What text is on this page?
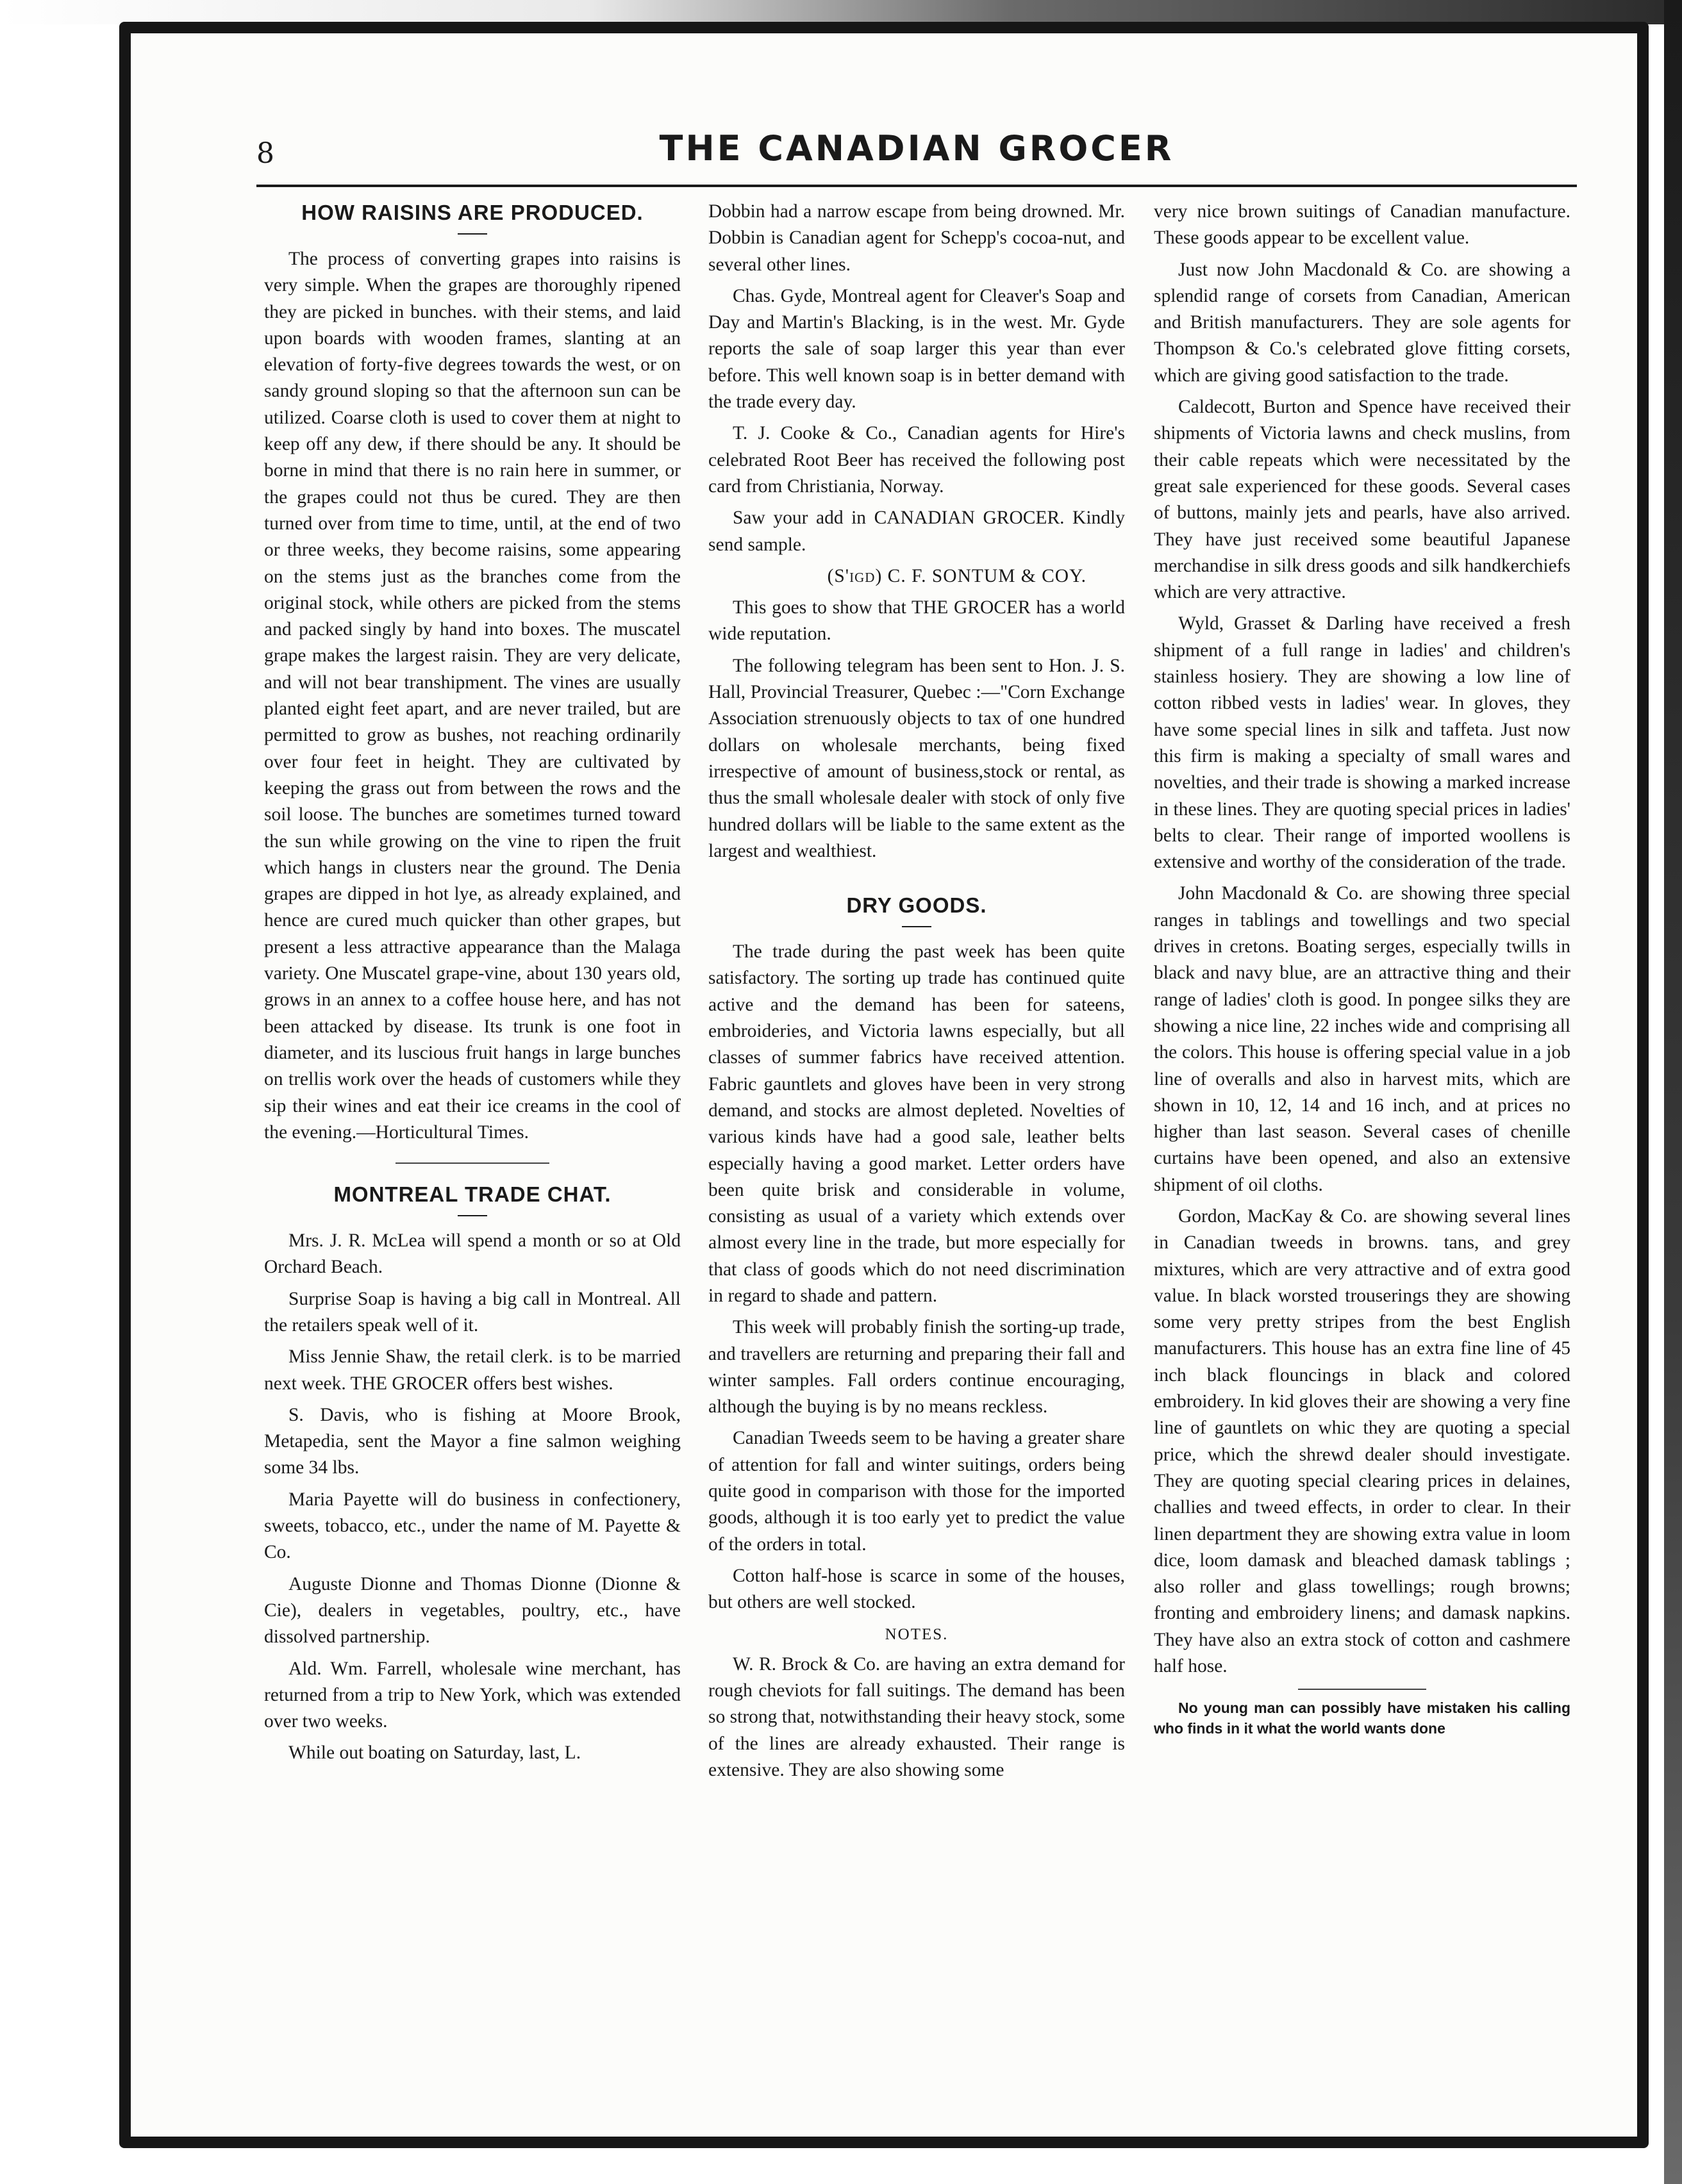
8	THE CANADIAN GROCER
HOW RAISINS ARE PRODUCED.

The process of converting grapes into raisins is very simple. When the grapes are thoroughly ripened they are picked in bunches. with their stems, and laid upon boards with wooden frames, slanting at an elevation of forty-five degrees towards the west, or on sandy ground sloping so that the afternoon sun can be utilized. Coarse cloth is used to cover them at night to keep off any dew, if there should be any. It should be borne in mind that there is no rain here in summer, or the grapes could not thus be cured. They are then turned over from time to time, until, at the end of two or three weeks, they become raisins, some appearing on the stems just as the branches come from the original stock, while others are picked from the stems and packed singly by hand into boxes. The muscatel grape makes the largest raisin. They are very delicate, and will not bear transhipment. The vines are usually planted eight feet apart, and are never trailed, but are permitted to grow as bushes, not reaching ordinarily over four feet in height. They are cultivated by keeping the grass out from between the rows and the soil loose. The bunches are sometimes turned toward the sun while growing on the vine to ripen the fruit which hangs in clusters near the ground. The Denia grapes are dipped in hot lye, as already explained, and hence are cured much quicker than other grapes, but present a less attractive appearance than the Malaga variety. One Muscatel grape-vine, about 130 years old, grows in an annex to a coffee house here, and has not been attacked by disease. Its trunk is one foot in diameter, and its luscious fruit hangs in large bunches on trellis work over the heads of customers while they sip their wines and eat their ice creams in the cool of the evening.—Horticultural Times.

MONTREAL TRADE CHAT.

Mrs. J. R. McLea will spend a month or so at Old Orchard Beach.

Surprise Soap is having a big call in Montreal. All the retailers speak well of it.

Miss Jennie Shaw, the retail clerk. is to be married next week. THE GROCER offers best wishes.

S. Davis, who is fishing at Moore Brook, Metapedia, sent the Mayor a fine salmon weighing some 34 lbs.

Maria Payette will do business in confectionery, sweets, tobacco, etc., under the name of M. Payette & Co.

Auguste Dionne and Thomas Dionne (Dionne & Cie), dealers in vegetables, poultry, etc., have dissolved partnership.

Ald. Wm. Farrell, wholesale wine merchant, has returned from a trip to New York, which was extended over two weeks.

While out boating on Saturday, last, L.

Dobbin had a narrow escape from being drowned. Mr. Dobbin is Canadian agent for Schepp's cocoa-nut, and several other lines.

Chas. Gyde, Montreal agent for Cleaver's Soap and Day and Martin's Blacking, is in the west. Mr. Gyde reports the sale of soap larger this year than ever before. This well known soap is in better demand with the trade every day.

T. J. Cooke & Co., Canadian agents for Hire's celebrated Root Beer has received the following post card from Christiania, Norway.

Saw your add in CANADIAN GROCER. Kindly send sample.

(S'igd) C. F. SONTUM & COY.

This goes to show that THE GROCER has a world wide reputation.

The following telegram has been sent to Hon. J. S. Hall, Provincial Treasurer, Quebec :—"Corn Exchange Association strenuously objects to tax of one hundred dollars on wholesale merchants, being fixed irrespective of amount of business,stock or rental, as thus the small wholesale dealer with stock of only five hundred dollars will be liable to the same extent as the largest and wealthiest.

DRY GOODS.

The trade during the past week has been quite satisfactory. The sorting up trade has continued quite active and the demand has been for sateens, embroideries, and Victoria lawns especially, but all classes of summer fabrics have received attention. Fabric gauntlets and gloves have been in very strong demand, and stocks are almost depleted. Novelties of various kinds have had a good sale, leather belts especially having a good market. Letter orders have been quite brisk and considerable in volume, consisting as usual of a variety which extends over almost every line in the trade, but more especially for that class of goods which do not need discrimination in regard to shade and pattern.

This week will probably finish the sorting-up trade, and travellers are returning and preparing their fall and winter samples. Fall orders continue encouraging, although the buying is by no means reckless.

Canadian Tweeds seem to be having a greater share of attention for fall and winter suitings, orders being quite good in comparison with those for the imported goods, although it is too early yet to predict the value of the orders in total.

Cotton half-hose is scarce in some of the houses, but others are well stocked.

NOTES.

W. R. Brock & Co. are having an extra demand for rough cheviots for fall suitings. The demand has been so strong that, notwithstanding their heavy stock, some of the lines are already exhausted. Their range is extensive. They are also showing some

very nice brown suitings of Canadian manufacture. These goods appear to be excellent value.

Just now John Macdonald & Co. are showing a splendid range of corsets from Canadian, American and British manufacturers. They are sole agents for Thompson & Co.'s celebrated glove fitting corsets, which are giving good satisfaction to the trade.

Caldecott, Burton and Spence have received their shipments of Victoria lawns and check muslins, from their cable repeats which were necessitated by the great sale experienced for these goods. Several cases of buttons, mainly jets and pearls, have also arrived. They have just received some beautiful Japanese merchandise in silk dress goods and silk handkerchiefs which are very attractive.

Wyld, Grasset & Darling have received a fresh shipment of a full range in ladies' and children's stainless hosiery. They are showing a low line of cotton ribbed vests in ladies' wear. In gloves, they have some special lines in silk and taffeta. Just now this firm is making a specialty of small wares and novelties, and their trade is showing a marked increase in these lines. They are quoting special prices in ladies' belts to clear. Their range of imported woollens is extensive and worthy of the consideration of the trade.

John Macdonald & Co. are showing three special ranges in tablings and towellings and two special drives in cretons. Boating serges, especially twills in black and navy blue, are an attractive thing and their range of ladies' cloth is good. In pongee silks they are showing a nice line, 22 inches wide and comprising all the colors. This house is offering special value in a job line of overalls and also in harvest mits, which are shown in 10, 12, 14 and 16 inch, and at prices no higher than last season. Several cases of chenille curtains have been opened, and also an extensive shipment of oil cloths.

Gordon, MacKay & Co. are showing several lines in Canadian tweeds in browns. tans, and grey mixtures, which are very attractive and of extra good value. In black worsted trouserings they are showing some very pretty stripes from the best English manufacturers. This house has an extra fine line of 45 inch black flouncings in black and colored embroidery. In kid gloves their are showing a very fine line of gauntlets on whic they are quoting a special price, which the shrewd dealer should investigate. They are quoting special clearing prices in delaines, challies and tweed effects, in order to clear. In their linen department they are showing extra value in loom dice, loom damask and bleached damask tablings ; also roller and glass towellings; rough browns; fronting and embroidery linens; and damask napkins. They have also an extra stock of cotton and cashmere half hose.

No young man can possibly have mistaken his calling who finds in it what the world wants done
